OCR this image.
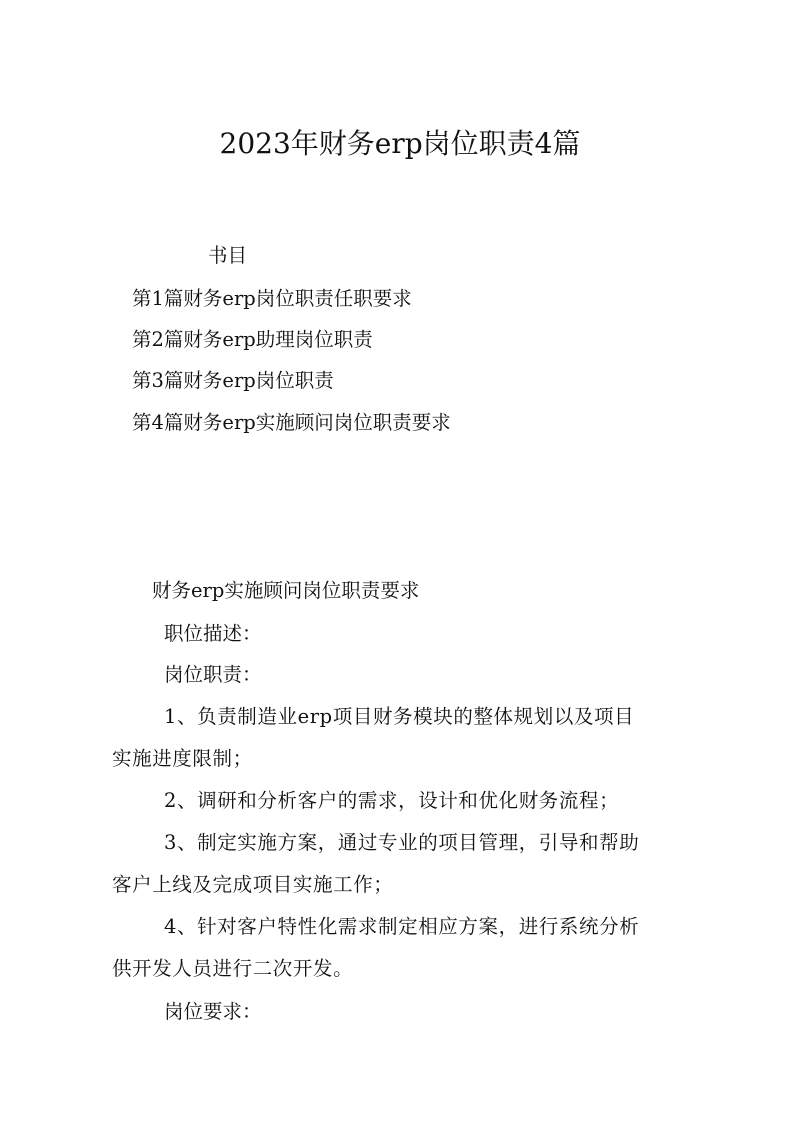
2023年财务erp岗位职责4篇
书目
第1篇财务erp岗位职责任职要求
第2篇财务erp助理岗位职责
第3篇财务erp岗位职责
第4篇财务erp实施顾问岗位职责要求
财务erp实施顾问岗位职责要求
职位描述：
岗位职责：
1、负责制造业erp项目财务模块的整体规划以及项目
实施进度限制；
2、调研和分析客户的需求，设计和优化财务流程；
3、制定实施方案，通过专业的项目管理，引导和帮助
客户上线及完成项目实施工作；
4、针对客户特性化需求制定相应方案，进行系统分析
供开发人员进行二次开发。
岗位要求：
